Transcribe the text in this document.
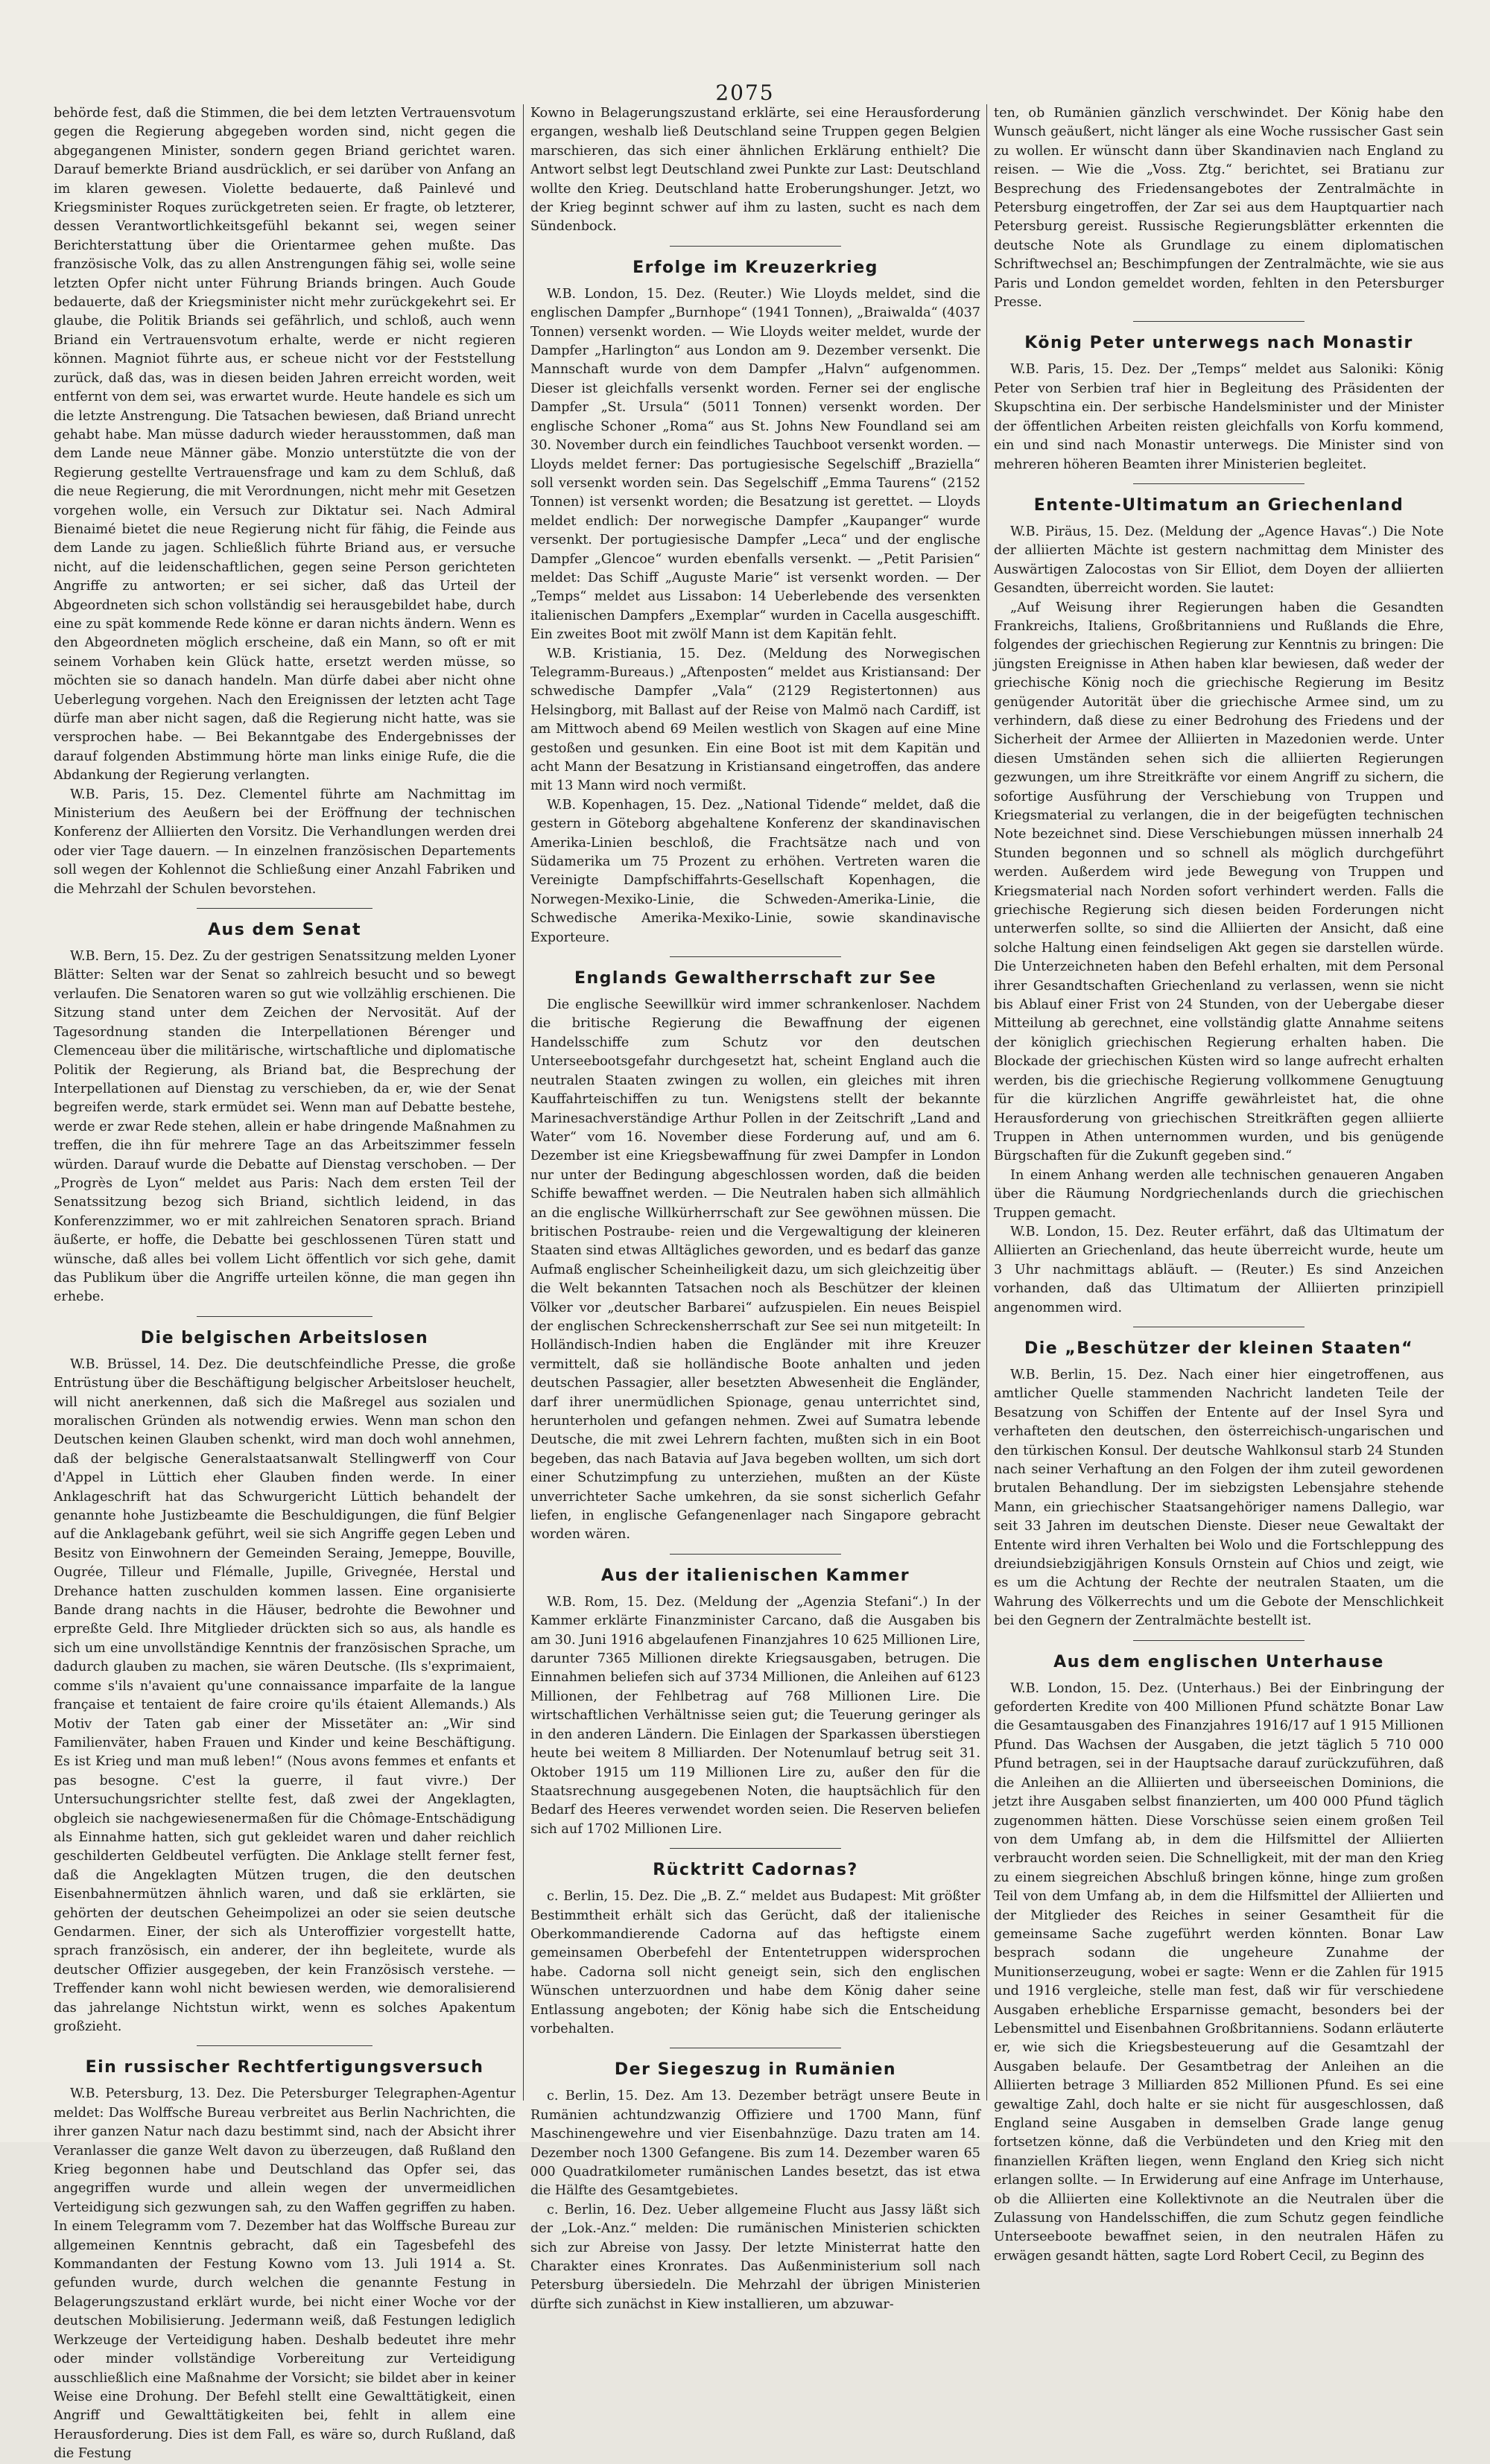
2075

behörde fest, daß die Stimmen, die bei dem letzten Vertrauensvotum gegen die Regierung abgegeben worden sind, nicht gegen die abgegangenen Minister, sondern gegen Briand gerichtet waren. Darauf bemerkte Briand ausdrücklich, er sei darüber von Anfang an im klaren gewesen. Violette bedauerte, daß Painlevé und Kriegsminister Roques zurückgetreten seien. Er fragte, ob letzterer, dessen Verantwortlichkeitsgefühl bekannt sei, wegen seiner Berichterstattung über die Orientarmee gehen mußte. Das französische Volk, das zu allen Anstrengungen fähig sei, wolle seine letzten Opfer nicht unter Führung Briands bringen. Auch Goude bedauerte, daß der Kriegsminister nicht mehr zurückgekehrt sei. Er glaube, die Politik Briands sei gefährlich, und schloß, auch wenn Briand ein Vertrauensvotum erhalte, werde er nicht regieren können. Magniot führte aus, er scheue nicht vor der Feststellung zurück, daß das, was in diesen beiden Jahren erreicht worden, weit entfernt von dem sei, was erwartet wurde. Heute handele es sich um die letzte Anstrengung. Die Tatsachen bewiesen, daß Briand unrecht gehabt habe. Man müsse dadurch wieder herausstommen, daß man dem Lande neue Männer gäbe. Monzio unterstützte die von der Regierung gestellte Vertrauensfrage und kam zu dem Schluß, daß die neue Regierung, die mit Verordnungen, nicht mehr mit Gesetzen vorgehen wolle, ein Versuch zur Diktatur sei. Nach Admiral Bienaimé bietet die neue Regierung nicht für fähig, die Feinde aus dem Lande zu jagen. Schließlich führte Briand aus, er versuche nicht, auf die leidenschaftlichen, gegen seine Person gerichteten Angriffe zu antworten; er sei sicher, daß das Urteil der Abgeordneten sich schon vollständig sei herausgebildet habe, durch eine zu spät kommende Rede könne er daran nichts ändern. Wenn es den Abgeordneten möglich erscheine, daß ein Mann, so oft er mit seinem Vorhaben kein Glück hatte, ersetzt werden müsse, so möchten sie so danach handeln. Man dürfe dabei aber nicht ohne Ueberlegung vorgehen. Nach den Ereignissen der letzten acht Tage dürfe man aber nicht sagen, daß die Regierung nicht hatte, was sie versprochen habe. — Bei Bekanntgabe des Endergebnisses der darauf folgenden Abstimmung hörte man links einige Rufe, die die Abdankung der Regierung verlangten.

W.B. Paris, 15. Dez. Clementel führte am Nachmittag im Ministerium des Aeußern bei der Eröffnung der technischen Konferenz der Alliierten den Vorsitz. Die Verhandlungen werden drei oder vier Tage dauern. — In einzelnen französischen Departements soll wegen der Kohlennot die Schließung einer Anzahl Fabriken und die Mehrzahl der Schulen bevorstehen.

Aus dem Senat

W.B. Bern, 15. Dez. Zu der gestrigen Senatssitzung melden Lyoner Blätter: Selten war der Senat so zahlreich besucht und so bewegt verlaufen. Die Senatoren waren so gut wie vollzählig erschienen. Die Sitzung stand unter dem Zeichen der Nervosität. Auf der Tagesordnung standen die Interpellationen Bérenger und Clemenceau über die militärische, wirtschaftliche und diplomatische Politik der Regierung, als Briand bat, die Besprechung der Interpellationen auf Dienstag zu verschieben, da er, wie der Senat begreifen werde, stark ermüdet sei. Wenn man auf Debatte bestehe, werde er zwar Rede stehen, allein er habe dringende Maßnahmen zu treffen, die ihn für mehrere Tage an das Arbeitszimmer fesseln würden. Darauf wurde die Debatte auf Dienstag verschoben. — Der „Progrès de Lyon“ meldet aus Paris: Nach dem ersten Teil der Senatssitzung bezog sich Briand, sichtlich leidend, in das Konferenzzimmer, wo er mit zahlreichen Senatoren sprach. Briand äußerte, er hoffe, die Debatte bei geschlossenen Türen statt und wünsche, daß alles bei vollem Licht öffentlich vor sich gehe, damit das Publikum über die Angriffe urteilen könne, die man gegen ihn erhebe.

Die belgischen Arbeitslosen

W.B. Brüssel, 14. Dez. Die deutschfeindliche Presse, die große Entrüstung über die Beschäftigung belgischer Arbeitsloser heuchelt, will nicht anerkennen, daß sich die Maßregel aus sozialen und moralischen Gründen als notwendig erwies. Wenn man schon den Deutschen keinen Glauben schenkt, wird man doch wohl annehmen, daß der belgische Generalstaatsanwalt Stellingwerff von Cour d'Appel in Lüttich eher Glauben finden werde. In einer Anklageschrift hat das Schwurgericht Lüttich behandelt der genannte hohe Justizbeamte die Beschuldigungen, die fünf Belgier auf die Anklagebank geführt, weil sie sich Angriffe gegen Leben und Besitz von Einwohnern der Gemeinden Seraing, Jemeppe, Bouville, Ougrée, Tilleur und Flémalle, Jupille, Grivegnée, Herstal und Drehance hatten zuschulden kommen lassen. Eine organisierte Bande drang nachts in die Häuser, bedrohte die Bewohner und erpreßte Geld. Ihre Mitglieder drückten sich so aus, als handle es sich um eine unvollständige Kenntnis der französischen Sprache, um dadurch glauben zu machen, sie wären Deutsche. (Ils s'exprimaient, comme s'ils n'avaient qu'une connaissance imparfaite de la langue française et tentaient de faire croire qu'ils étaient Allemands.) Als Motiv der Taten gab einer der Missetäter an: „Wir sind Familienväter, haben Frauen und Kinder und keine Beschäftigung. Es ist Krieg und man muß leben!“ (Nous avons femmes et enfants et pas besogne. C'est la guerre, il faut vivre.) Der Untersuchungsrichter stellte fest, daß zwei der Angeklagten, obgleich sie nachgewiesenermaßen für die Chômage-Entschädigung als Einnahme hatten, sich gut gekleidet waren und daher reichlich geschilderten Geldbeutel verfügten. Die Anklage stellt ferner fest, daß die Angeklagten Mützen trugen, die den deutschen Eisenbahnermützen ähnlich waren, und daß sie erklärten, sie gehörten der deutschen Geheimpolizei an oder sie seien deutsche Gendarmen. Einer, der sich als Unteroffizier vorgestellt hatte, sprach französisch, ein anderer, der ihn begleitete, wurde als deutscher Offizier ausgegeben, der kein Französisch verstehe. — Treffender kann wohl nicht bewiesen werden, wie demoralisierend das jahrelange Nichtstun wirkt, wenn es solches Apakentum großzieht.

Ein russischer Rechtfertigungsversuch

W.B. Petersburg, 13. Dez. Die Petersburger Telegraphen-Agentur meldet: Das Wolffsche Bureau verbreitet aus Berlin Nachrichten, die ihrer ganzen Natur nach dazu bestimmt sind, nach der Absicht ihrer Veranlasser die ganze Welt davon zu überzeugen, daß Rußland den Krieg begonnen habe und Deutschland das Opfer sei, das angegriffen wurde und allein wegen der unvermeidlichen Verteidigung sich gezwungen sah, zu den Waffen gegriffen zu haben. In einem Telegramm vom 7. Dezember hat das Wolffsche Bureau zur allgemeinen Kenntnis gebracht, daß ein Tagesbefehl des Kommandanten der Festung Kowno vom 13. Juli 1914 a. St. gefunden wurde, durch welchen die genannte Festung in Belagerungszustand erklärt wurde, bei nicht einer Woche vor der deutschen Mobilisierung. Jedermann weiß, daß Festungen lediglich Werkzeuge der Verteidigung haben. Deshalb bedeutet ihre mehr oder minder vollständige Vorbereitung zur Verteidigung ausschließlich eine Maßnahme der Vorsicht; sie bildet aber in keiner Weise eine Drohung. Der Befehl stellt eine Gewalttätigkeit, einen Angriff und Gewalttätigkeiten bei, fehlt in allem eine Herausforderung. Dies ist dem Fall, es wäre so, durch Rußland, daß die Festung

Kowno in Belagerungszustand erklärte, sei eine Herausforderung ergangen, weshalb ließ Deutschland seine Truppen gegen Belgien marschieren, das sich einer ähnlichen Erklärung enthielt? Die Antwort selbst legt Deutschland zwei Punkte zur Last: Deutschland wollte den Krieg. Deutschland hatte Eroberungshunger. Jetzt, wo der Krieg beginnt schwer auf ihm zu lasten, sucht es nach dem Sündenbock.

Erfolge im Kreuzerkrieg

W.B. London, 15. Dez. (Reuter.) Wie Lloyds meldet, sind die englischen Dampfer „Burnhope“ (1941 Tonnen), „Braiwalda“ (4037 Tonnen) versenkt worden. — Wie Lloyds weiter meldet, wurde der Dampfer „Harlington“ aus London am 9. Dezember versenkt. Die Mannschaft wurde von dem Dampfer „Halvn“ aufgenommen. Dieser ist gleichfalls versenkt worden. Ferner sei der englische Dampfer „St. Ursula“ (5011 Tonnen) versenkt worden. Der englische Schoner „Roma“ aus St. Johns New Foundland sei am 30. November durch ein feindliches Tauchboot versenkt worden. — Lloyds meldet ferner: Das portugiesische Segelschiff „Braziella“ soll versenkt worden sein. Das Segelschiff „Emma Taurens“ (2152 Tonnen) ist versenkt worden; die Besatzung ist gerettet. — Lloyds meldet endlich: Der norwegische Dampfer „Kaupanger“ wurde versenkt. Der portugiesische Dampfer „Leca“ und der englische Dampfer „Glencoe“ wurden ebenfalls versenkt. — „Petit Parisien“ meldet: Das Schiff „Auguste Marie“ ist versenkt worden. — Der „Temps“ meldet aus Lissabon: 14 Ueberlebende des versenkten italienischen Dampfers „Exemplar“ wurden in Cacella ausgeschifft. Ein zweites Boot mit zwölf Mann ist dem Kapitän fehlt.

W.B. Kristiania, 15. Dez. (Meldung des Norwegischen Telegramm-Bureaus.) „Aftenposten“ meldet aus Kristiansand: Der schwedische Dampfer „Vala“ (2129 Registertonnen) aus Helsingborg, mit Ballast auf der Reise von Malmö nach Cardiff, ist am Mittwoch abend 69 Meilen westlich von Skagen auf eine Mine gestoßen und gesunken. Ein eine Boot ist mit dem Kapitän und acht Mann der Besatzung in Kristiansand eingetroffen, das andere mit 13 Mann wird noch vermißt.

W.B. Kopenhagen, 15. Dez. „National Tidende“ meldet, daß die gestern in Göteborg abgehaltene Konferenz der skandinavischen Amerika-Linien beschloß, die Frachtsätze nach und von Südamerika um 75 Prozent zu erhöhen. Vertreten waren die Vereinigte Dampfschiffahrts-Gesellschaft Kopenhagen, die Norwegen-Mexiko-Linie, die Schweden-Amerika-Linie, die Schwedische Amerika-Mexiko-Linie, sowie skandinavische Exporteure.

Englands Gewaltherrschaft zur See

Die englische Seewillkür wird immer schrankenloser. Nachdem die britische Regierung die Bewaffnung der eigenen Handelsschiffe zum Schutz vor den deutschen Unterseebootsgefahr durchgesetzt hat, scheint England auch die neutralen Staaten zwingen zu wollen, ein gleiches mit ihren Kauffahrteischiffen zu tun. Wenigstens stellt der bekannte Marinesachverständige Arthur Pollen in der Zeitschrift „Land and Water“ vom 16. November diese Forderung auf, und am 6. Dezember ist eine Kriegsbewaffnung für zwei Dampfer in London nur unter der Bedingung abgeschlossen worden, daß die beiden Schiffe bewaffnet werden. — Die Neutralen haben sich allmählich an die englische Willkürherrschaft zur See gewöhnen müssen. Die britischen Postraube- reien und die Vergewaltigung der kleineren Staaten sind etwas Alltägliches geworden, und es bedarf das ganze Aufmaß englischer Scheinheiligkeit dazu, um sich gleichzeitig über die Welt bekannten Tatsachen noch als Beschützer der kleinen Völker vor „deutscher Barbarei“ aufzuspielen. Ein neues Beispiel der englischen Schreckensherrschaft zur See sei nun mitgeteilt: In Holländisch-Indien haben die Engländer mit ihre Kreuzer vermittelt, daß sie holländische Boote anhalten und jeden deutschen Passagier, aller besetzten Abwesenheit die Engländer, darf ihrer unermüdlichen Spionage, genau unterrichtet sind, herunterholen und gefangen nehmen. Zwei auf Sumatra lebende Deutsche, die mit zwei Lehrern fachten, mußten sich in ein Boot begeben, das nach Batavia auf Java begeben wollten, um sich dort einer Schutzimpfung zu unterziehen, mußten an der Küste unverrichteter Sache umkehren, da sie sonst sicherlich Gefahr liefen, in englische Gefangenenlager nach Singapore gebracht worden wären.

Aus der italienischen Kammer

W.B. Rom, 15. Dez. (Meldung der „Agenzia Stefani“.) In der Kammer erklärte Finanzminister Carcano, daß die Ausgaben bis am 30. Juni 1916 abgelaufenen Finanzjahres 10 625 Millionen Lire, darunter 7365 Millionen direkte Kriegsausgaben, betrugen. Die Einnahmen beliefen sich auf 3734 Millionen, die Anleihen auf 6123 Millionen, der Fehlbetrag auf 768 Millionen Lire. Die wirtschaftlichen Verhältnisse seien gut; die Teuerung geringer als in den anderen Ländern. Die Einlagen der Sparkassen überstiegen heute bei weitem 8 Milliarden. Der Notenumlauf betrug seit 31. Oktober 1915 um 119 Millionen Lire zu, außer den für die Staatsrechnung ausgegebenen Noten, die hauptsächlich für den Bedarf des Heeres verwendet worden seien. Die Reserven beliefen sich auf 1702 Millionen Lire.

Rücktritt Cadornas?

c. Berlin, 15. Dez. Die „B. Z.“ meldet aus Budapest: Mit größter Bestimmtheit erhält sich das Gerücht, daß der italienische Oberkommandierende Cadorna auf das heftigste einem gemeinsamen Oberbefehl der Ententetruppen widersprochen habe. Cadorna soll nicht geneigt sein, sich den englischen Wünschen unterzuordnen und habe dem König daher seine Entlassung angeboten; der König habe sich die Entscheidung vorbehalten.

Der Siegeszug in Rumänien

c. Berlin, 15. Dez. Am 13. Dezember beträgt unsere Beute in Rumänien achtundzwanzig Offiziere und 1700 Mann, fünf Maschinengewehre und vier Eisenbahnzüge. Dazu traten am 14. Dezember noch 1300 Gefangene. Bis zum 14. Dezember waren 65 000 Quadratkilometer rumänischen Landes besetzt, das ist etwa die Hälfte des Gesamtgebietes.

c. Berlin, 16. Dez. Ueber allgemeine Flucht aus Jassy läßt sich der „Lok.-Anz.“ melden: Die rumänischen Ministerien schickten sich zur Abreise von Jassy. Der letzte Ministerrat hatte den Charakter eines Kronrates. Das Außenministerium soll nach Petersburg übersiedeln. Die Mehrzahl der übrigen Ministerien dürfte sich zunächst in Kiew installieren, um abzuwar-

ten, ob Rumänien gänzlich verschwindet. Der König habe den Wunsch geäußert, nicht länger als eine Woche russischer Gast sein zu wollen. Er wünscht dann über Skandinavien nach England zu reisen. — Wie die „Voss. Ztg.“ berichtet, sei Bratianu zur Besprechung des Friedensangebotes der Zentralmächte in Petersburg eingetroffen, der Zar sei aus dem Hauptquartier nach Petersburg gereist. Russische Regierungsblätter erkennten die deutsche Note als Grundlage zu einem diplomatischen Schriftwechsel an; Beschimpfungen der Zentralmächte, wie sie aus Paris und London gemeldet worden, fehlten in den Petersburger Presse.

König Peter unterwegs nach Monastir

W.B. Paris, 15. Dez. Der „Temps“ meldet aus Saloniki: König Peter von Serbien traf hier in Begleitung des Präsidenten der Skupschtina ein. Der serbische Handelsminister und der Minister der öffentlichen Arbeiten reisten gleichfalls von Korfu kommend, ein und sind nach Monastir unterwegs. Die Minister sind von mehreren höheren Beamten ihrer Ministerien begleitet.

Entente-Ultimatum an Griechenland

W.B. Piräus, 15. Dez. (Meldung der „Agence Havas“.) Die Note der alliierten Mächte ist gestern nachmittag dem Minister des Auswärtigen Zalocostas von Sir Elliot, dem Doyen der alliierten Gesandten, überreicht worden. Sie lautet:

„Auf Weisung ihrer Regierungen haben die Gesandten Frankreichs, Italiens, Großbritanniens und Rußlands die Ehre, folgendes der griechischen Regierung zur Kenntnis zu bringen: Die jüngsten Ereignisse in Athen haben klar bewiesen, daß weder der griechische König noch die griechische Regierung im Besitz genügender Autorität über die griechische Armee sind, um zu verhindern, daß diese zu einer Bedrohung des Friedens und der Sicherheit der Armee der Alliierten in Mazedonien werde. Unter diesen Umständen sehen sich die alliierten Regierungen gezwungen, um ihre Streitkräfte vor einem Angriff zu sichern, die sofortige Ausführung der Verschiebung von Truppen und Kriegsmaterial zu verlangen, die in der beigefügten technischen Note bezeichnet sind. Diese Verschiebungen müssen innerhalb 24 Stunden begonnen und so schnell als möglich durchgeführt werden. Außerdem wird jede Bewegung von Truppen und Kriegsmaterial nach Norden sofort verhindert werden. Falls die griechische Regierung sich diesen beiden Forderungen nicht unterwerfen sollte, so sind die Alliierten der Ansicht, daß eine solche Haltung einen feindseligen Akt gegen sie darstellen würde. Die Unterzeichneten haben den Befehl erhalten, mit dem Personal ihrer Gesandtschaften Griechenland zu verlassen, wenn sie nicht bis Ablauf einer Frist von 24 Stunden, von der Uebergabe dieser Mitteilung ab gerechnet, eine vollständig glatte Annahme seitens der königlich griechischen Regierung erhalten haben. Die Blockade der griechischen Küsten wird so lange aufrecht erhalten werden, bis die griechische Regierung vollkommene Genugtuung für die kürzlichen Angriffe gewährleistet hat, die ohne Herausforderung von griechischen Streitkräften gegen alliierte Truppen in Athen unternommen wurden, und bis genügende Bürgschaften für die Zukunft gegeben sind.“

In einem Anhang werden alle technischen genaueren Angaben über die Räumung Nordgriechenlands durch die griechischen Truppen gemacht.

W.B. London, 15. Dez. Reuter erfährt, daß das Ultimatum der Alliierten an Griechenland, das heute überreicht wurde, heute um 3 Uhr nachmittags abläuft. — (Reuter.) Es sind Anzeichen vorhanden, daß das Ultimatum der Alliierten prinzipiell angenommen wird.

Die „Beschützer der kleinen Staaten“

W.B. Berlin, 15. Dez. Nach einer hier eingetroffenen, aus amtlicher Quelle stammenden Nachricht landeten Teile der Besatzung von Schiffen der Entente auf der Insel Syra und verhafteten den deutschen, den österreichisch-ungarischen und den türkischen Konsul. Der deutsche Wahlkonsul starb 24 Stunden nach seiner Verhaftung an den Folgen der ihm zuteil gewordenen brutalen Behandlung. Der im siebzigsten Lebensjahre stehende Mann, ein griechischer Staatsangehöriger namens Dallegio, war seit 33 Jahren im deutschen Dienste. Dieser neue Gewaltakt der Entente wird ihren Verhalten bei Wolo und die Fortschleppung des dreiundsiebzigjährigen Konsuls Ornstein auf Chios und zeigt, wie es um die Achtung der Rechte der neutralen Staaten, um die Wahrung des Völkerrechts und um die Gebote der Menschlichkeit bei den Gegnern der Zentralmächte bestellt ist.

Aus dem englischen Unterhause

W.B. London, 15. Dez. (Unterhaus.) Bei der Einbringung der geforderten Kredite von 400 Millionen Pfund schätzte Bonar Law die Gesamtausgaben des Finanzjahres 1916/17 auf 1 915 Millionen Pfund. Das Wachsen der Ausgaben, die jetzt täglich 5 710 000 Pfund betragen, sei in der Hauptsache darauf zurückzuführen, daß die Anleihen an die Alliierten und überseeischen Dominions, die jetzt ihre Ausgaben selbst finanzierten, um 400 000 Pfund täglich zugenommen hätten. Diese Vorschüsse seien einem großen Teil von dem Umfang ab, in dem die Hilfsmittel der Alliierten verbraucht worden seien. Die Schnelligkeit, mit der man den Krieg zu einem siegreichen Abschluß bringen könne, hinge zum großen Teil von dem Umfang ab, in dem die Hilfsmittel der Alliierten und der Mitglieder des Reiches in seiner Gesamtheit für die gemeinsame Sache zugeführt werden könnten. Bonar Law besprach sodann die ungeheure Zunahme der Munitionserzeugung, wobei er sagte: Wenn er die Zahlen für 1915 und 1916 vergleiche, stelle man fest, daß wir für verschiedene Ausgaben erhebliche Ersparnisse gemacht, besonders bei der Lebensmittel und Eisenbahnen Großbritanniens. Sodann erläuterte er, wie sich die Kriegsbesteuerung auf die Gesamtzahl der Ausgaben belaufe. Der Gesamtbetrag der Anleihen an die Alliierten betrage 3 Milliarden 852 Millionen Pfund. Es sei eine gewaltige Zahl, doch halte er sie nicht für ausgeschlossen, daß England seine Ausgaben in demselben Grade lange genug fortsetzen könne, daß die Verbündeten und den Krieg mit den finanziellen Kräften liegen, wenn England den Krieg sich nicht erlangen sollte. — In Erwiderung auf eine Anfrage im Unterhause, ob die Alliierten eine Kollektivnote an die Neutralen über die Zulassung von Handelsschiffen, die zum Schutz gegen feindliche Unterseeboote bewaffnet seien, in den neutralen Häfen zu erwägen gesandt hätten, sagte Lord Robert Cecil, zu Beginn des
